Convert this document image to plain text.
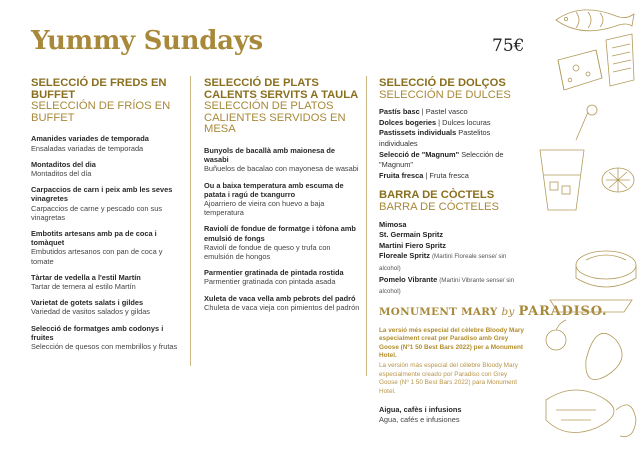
Yummy Sundays	75€
SELECCIÓ DE FREDS EN BUFFET
SELECCIÓN DE FRÍOS EN BUFFET
Amanides variades de temporada
Ensaladas variadas de temporada
Montaditos del dia
Montaditos del día
Carpaccios de carn i peix amb les seves vinagretes
Carpaccios de carne y pescado con sus vinagretas
Embotits artesans amb pa de coca i tomàquet
Embutidos artesanos con pan de coca y tomate
Tàrtar de vedella a l'estil Martín
Tartar de ternera al estilo Martín
Varietat de gotets salats i gildes
Variedad de vasitos salados y gildas
Selecció de formatges amb codonys i fruites
Selección de quesos con membrillos y frutas
SELECCIÓ DE PLATS CALENTS SERVITS A TAULA
SELECCIÓN DE PLATOS CALIENTES SERVIDOS EN MESA
Bunyols de bacallà amb maionesa de wasabi
Buñuelos de bacalao con mayonesa de wasabi
Ou a baixa temperatura amb escuma de patata i ragú de txangurro
Ajoarriero de vieira con huevo a baja temperatura
Raviolí de fondue de formatge i tòfona amb emulsió de fongs
Raviolí de fondue de queso y trufa con emulsión de hongos
Parmentier gratinada de pintada rostida
Parmentier gratinada con pintada asada
Xuleta de vaca vella amb pebrots del padró
Chuleta de vaca vieja con pimientos del padrón
SELECCIÓ DE DOLÇOS
SELECCIÓN DE DULCES
Pastís basc | Pastel vasco
Dolces bogeries | Dulces locuras
Pastissets individuals Pastelitos individuales
Selecció de "Magnum" Selección de "Magnum"
Fruita fresca | Fruta fresca
BARRA DE CÒCTELS
BARRA DE CÓCTELES
Mimosa
St. Germain Spritz
Martini Fiero Spritz
Floreale Spritz (Martini Floreale sense/ sin alcohol)
Pomelo Vibrante (Martini Vibrante sense/ sin alcohol)
MONUMENT MARY by PARADISO.
La versió més especial del cèlebre Bloody Mary especialment creat per Paradiso amb Grey Goose (Nº1 50 Best Bars 2022) per a Monument Hotel.
La versión más especial del célebre Bloody Mary especialmente creado por Paradiso con Grey Goose (Nº 1 50 Best Bars 2022) para Monument Hotel.
Aigua, cafès i infusions
Agua, cafés e infusiones
